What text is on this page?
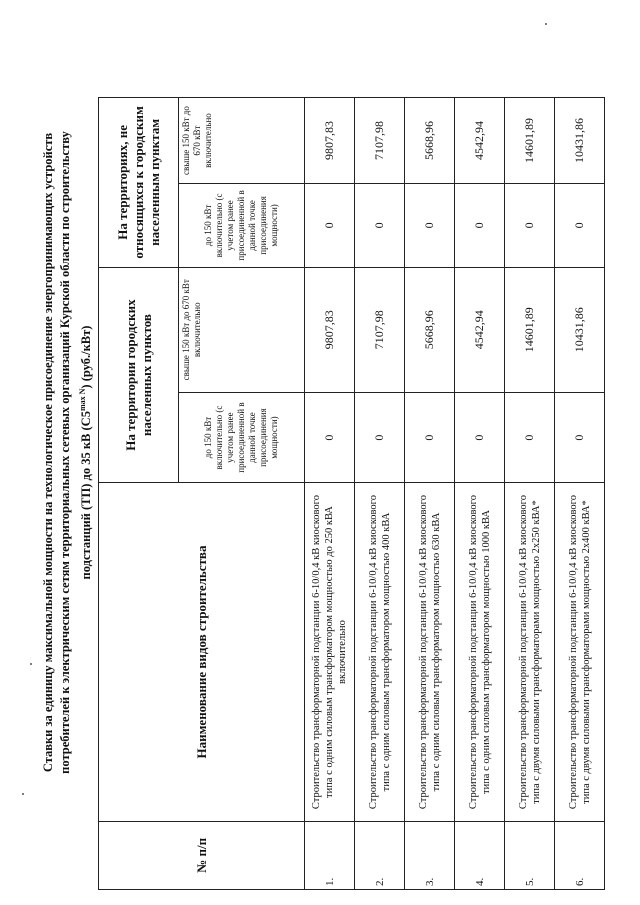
Ставки за единицу максимальной мощности на технологическое присоединение энергопринимающих устройств потребителей к электрическим сетям территориальных сетевых организаций Курской области по строительству подстанций (ТП) до 35 кВ $(С5^{max N})$ (руб./кВт)
№ п/п	Наименование видов строительства	На территории городских населенных пунктов		На территориях, не относящихся к городским населенным пунктам	
		до 150 кВт включительно (с учетом ранее присоединенной в данной точке присоединения мощности)	свыше 150 кВт до 670 кВт включительно	до 150 кВт включительно (с учетом ранее присоединенной в данной точке присоединения мощности)	свыше 150 кВт до 670 кВт включительно
1.	Строительство трансформаторной подстанции 6-10/0,4 кВ киоскового типа с одним силовым трансформатором мощностью до 250 кВА включительно	0	9807,83	0	9807,83
2.	Строительство трансформаторной подстанции 6-10/0,4 кВ киоскового типа с одним силовым трансформатором мощностью 400 кВА	0	7107,98	0	7107,98
3.	Строительство трансформаторной подстанции 6-10/0,4 кВ киоскового типа с одним силовым трансформатором мощностью 630 кВА	0	5668,96	0	5668,96
4.	Строительство трансформаторной подстанции 6-10/0,4 кВ киоскового типа с одним силовым трансформатором мощностью 1000 кВА	0	4542,94	0	4542,94
5.	Строительство трансформаторной подстанции 6-10/0,4 кВ киоскового типа с двумя силовыми трансформаторами мощностью 2х250 кВА*	0	14601,89	0	14601,89
6.	Строительство трансформаторной подстанции 6-10/0,4 кВ киоскового типа с двумя силовыми трансформаторами мощностью 2х400 кВА*	0	10431,86	0	10431,86
